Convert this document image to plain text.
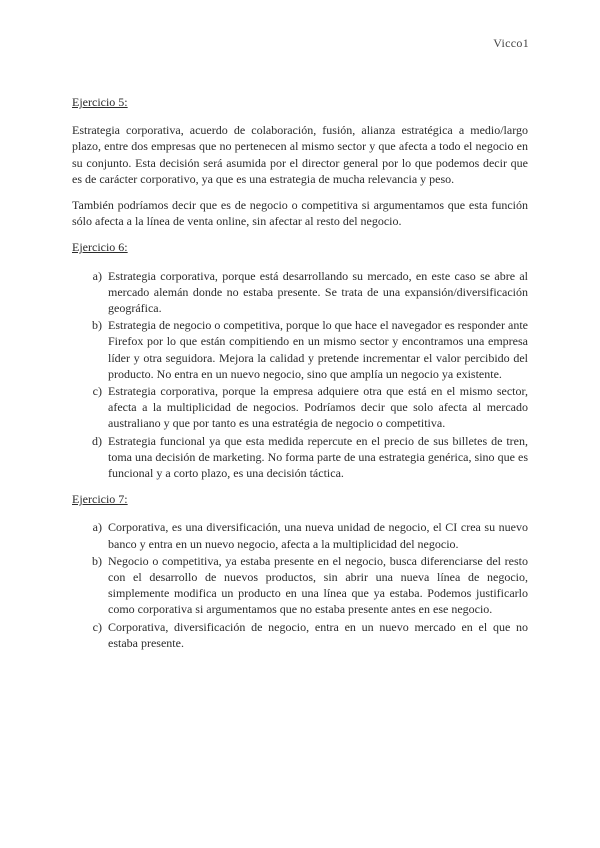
Vicco1

Ejercicio 5:

Estrategia corporativa, acuerdo de colaboración, fusión, alianza estratégica a medio/largo plazo, entre dos empresas que no pertenecen al mismo sector y que afecta a todo el negocio en su conjunto. Esta decisión será asumida por el director general por lo que podemos decir que es de carácter corporativo, ya que es una estrategia de mucha relevancia y peso.

También podríamos decir que es de negocio o competitiva si argumentamos que esta función sólo afecta a la línea de venta online, sin afectar al resto del negocio.

Ejercicio 6:

a) Estrategia corporativa, porque está desarrollando su mercado, en este caso se abre al mercado alemán donde no estaba presente. Se trata de una expansión/diversificación geográfica.
b) Estrategia de negocio o competitiva, porque lo que hace el navegador es responder ante Firefox por lo que están compitiendo en un mismo sector y encontramos una empresa líder y otra seguidora. Mejora la calidad y pretende incrementar el valor percibido del producto. No entra en un nuevo negocio, sino que amplía un negocio ya existente.
c) Estrategia corporativa, porque la empresa adquiere otra que está en el mismo sector, afecta a la multiplicidad de negocios. Podríamos decir que solo afecta al mercado australiano y que por tanto es una estratégia de negocio o competitiva.
d) Estrategia funcional ya que esta medida repercute en el precio de sus billetes de tren, toma una decisión de marketing. No forma parte de una estrategia genérica, sino que es funcional y a corto plazo, es una decisión táctica.

Ejercicio 7:

a) Corporativa, es una diversificación, una nueva unidad de negocio, el CI crea su nuevo banco y entra en un nuevo negocio, afecta a la multiplicidad del negocio.
b) Negocio o competitiva, ya estaba presente en el negocio, busca diferenciarse del resto con el desarrollo de nuevos productos, sin abrir una nueva línea de negocio, simplemente modifica un producto en una línea que ya estaba. Podemos justificarlo como corporativa si argumentamos que no estaba presente antes en ese negocio.
c) Corporativa, diversificación de negocio, entra en un nuevo mercado en el que no estaba presente.
